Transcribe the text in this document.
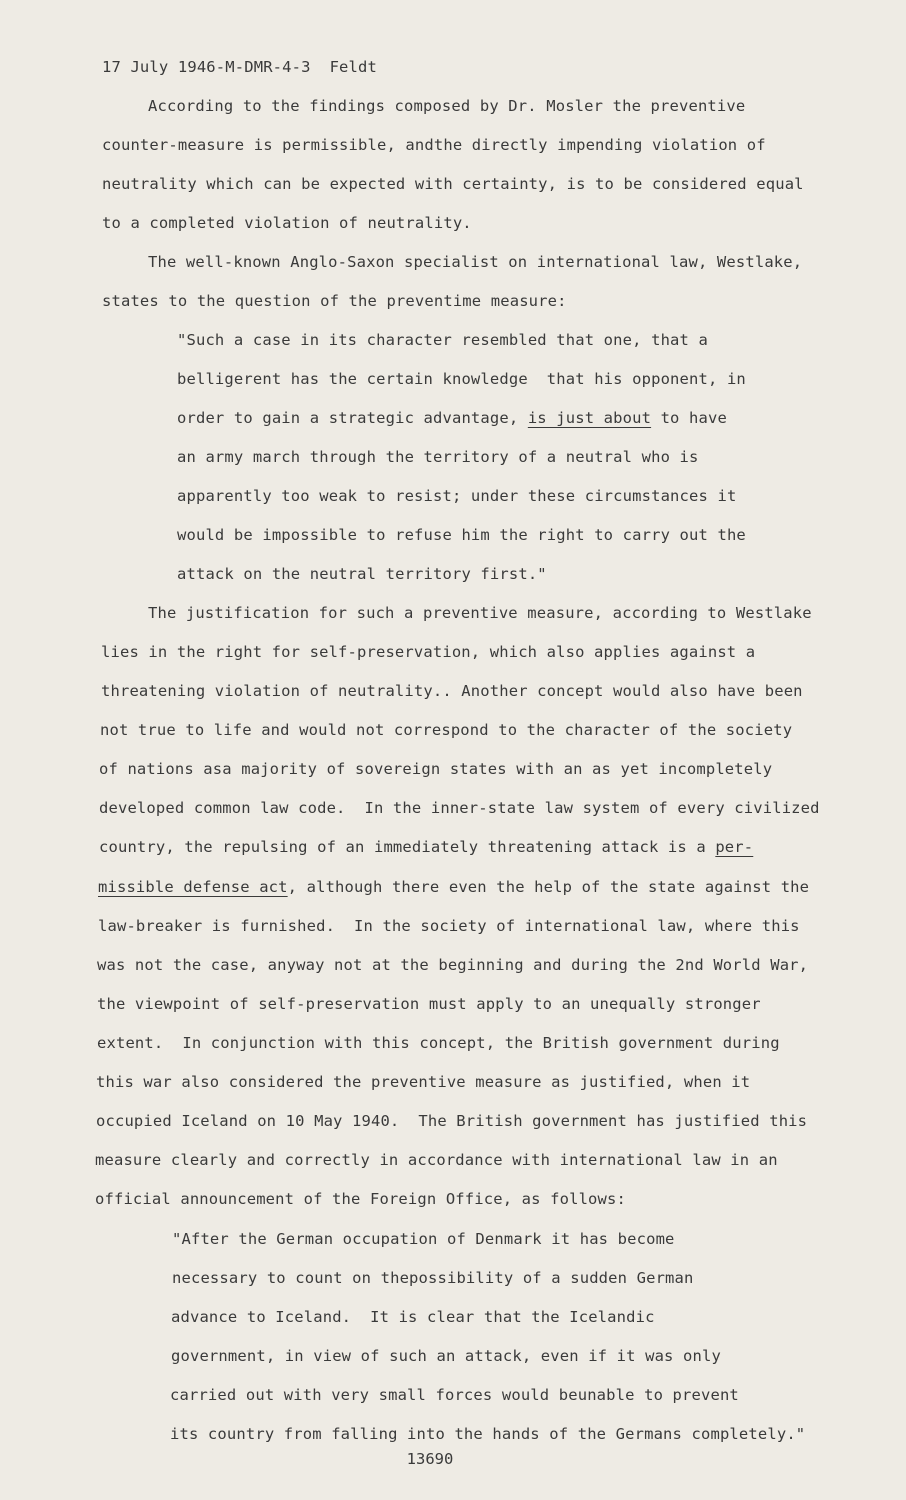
17 July 1946-M-DMR-4-3  Feldt
According to the findings composed by Dr. Mosler the preventive
counter-measure is permissible, andthe directly impending violation of
neutrality which can be expected with certainty, is to be considered equal
to a completed violation of neutrality.
The well-known Anglo-Saxon specialist on international law, Westlake,
states to the question of the preventime measure:
"Such a case in its character resembled that one, that a
belligerent has the certain knowledge  that his opponent, in
order to gain a strategic advantage, is just about to have
an army march through the territory of a neutral who is
apparently too weak to resist; under these circumstances it
would be impossible to refuse him the right to carry out the
attack on the neutral territory first."
The justification for such a preventive measure, according to Westlake
lies in the right for self-preservation, which also applies against a
threatening violation of neutrality.. Another concept would also have been
not true to life and would not correspond to the character of the society
of nations asa majority of sovereign states with an as yet incompletely
developed common law code.  In the inner-state law system of every civilized
country, the repulsing of an immediately threatening attack is a per-
missible defense act, although there even the help of the state against the
law-breaker is furnished.  In the society of international law, where this
was not the case, anyway not at the beginning and during the 2nd World War,
the viewpoint of self-preservation must apply to an unequally stronger
extent.  In conjunction with this concept, the British government during
this war also considered the preventive measure as justified, when it
occupied Iceland on 10 May 1940.  The British government has justified this
measure clearly and correctly in accordance with international law in an
official announcement of the Foreign Office, as follows:
"After the German occupation of Denmark it has become
necessary to count on thepossibility of a sudden German
advance to Iceland.  It is clear that the Icelandic
government, in view of such an attack, even if it was only
carried out with very small forces would beunable to prevent
its country from falling into the hands of the Germans completely."
13690
